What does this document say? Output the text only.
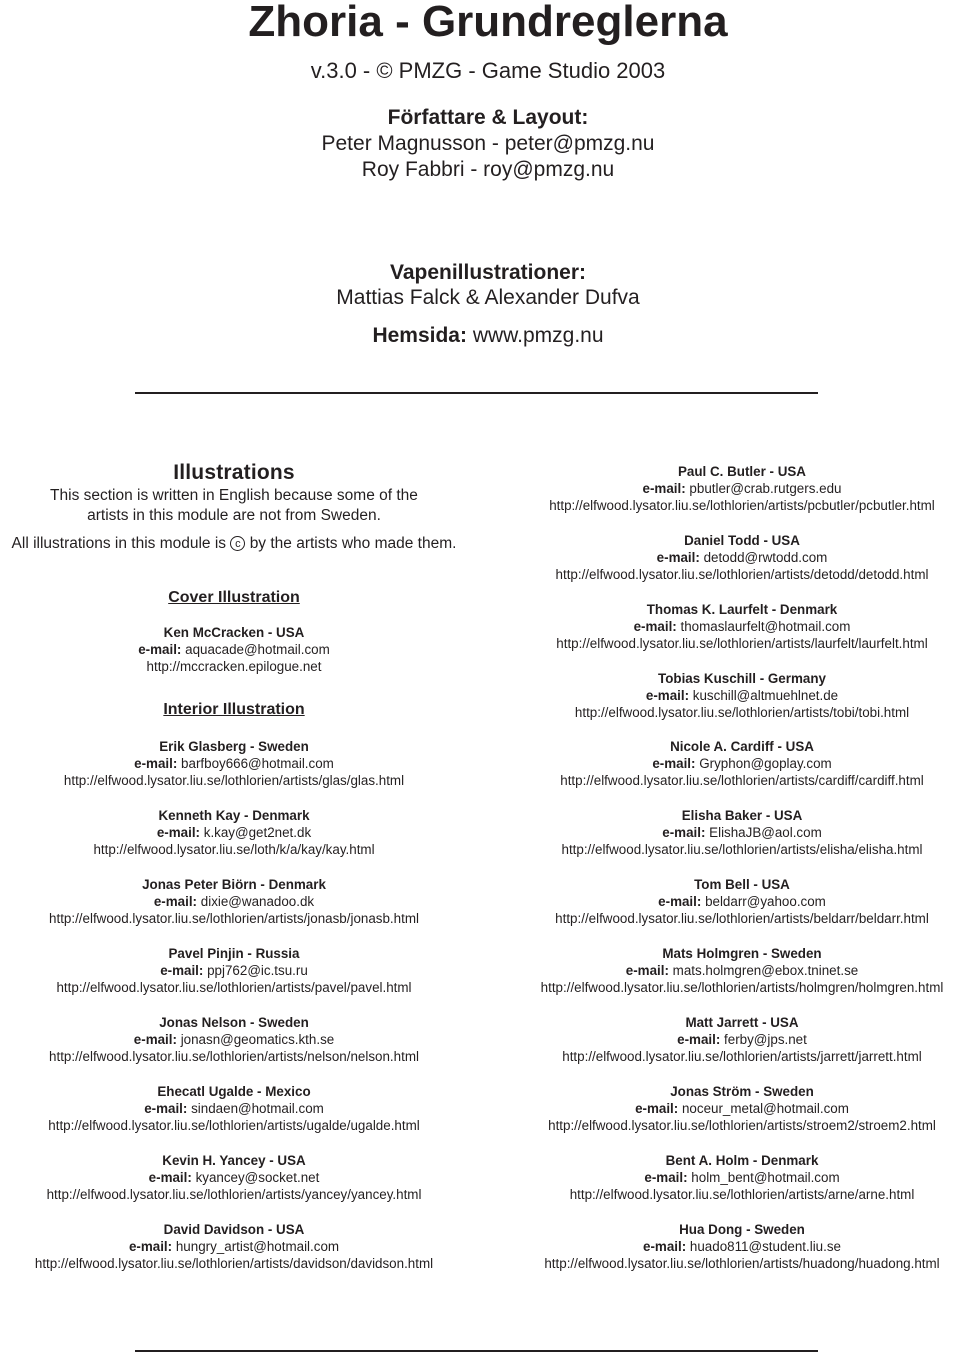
Zhoria - Grundreglerna
v.3.0 - © PMZG - Game Studio 2003
Författare & Layout:
Peter Magnusson - peter@pmzg.nu
Roy Fabbri - roy@pmzg.nu
Vapenillustrationer:
Mattias Falck & Alexander Dufva
Hemsida: www.pmzg.nu
Illustrations
This section is written in English because some of the
artists in this module are not from Sweden.
All illustrations in this module is c by the artists who made them.
Cover Illustration
Ken McCracken - USA
e-mail: aquacade@hotmail.com
http://mccracken.epilogue.net
Interior Illustration
Erik Glasberg - Sweden
e-mail: barfboy666@hotmail.com
http://elfwood.lysator.liu.se/lothlorien/artists/glas/glas.html
Kenneth Kay - Denmark
e-mail: k.kay@get2net.dk
http://elfwood.lysator.liu.se/loth/k/a/kay/kay.html
Jonas Peter Biörn - Denmark
e-mail: dixie@wanadoo.dk
http://elfwood.lysator.liu.se/lothlorien/artists/jonasb/jonasb.html
Pavel Pinjin - Russia
e-mail: ppj762@ic.tsu.ru
http://elfwood.lysator.liu.se/lothlorien/artists/pavel/pavel.html
Jonas Nelson - Sweden
e-mail: jonasn@geomatics.kth.se
http://elfwood.lysator.liu.se/lothlorien/artists/nelson/nelson.html
Ehecatl Ugalde - Mexico
e-mail: sindaen@hotmail.com
http://elfwood.lysator.liu.se/lothlorien/artists/ugalde/ugalde.html
Kevin H. Yancey - USA
e-mail: kyancey@socket.net
http://elfwood.lysator.liu.se/lothlorien/artists/yancey/yancey.html
David Davidson - USA
e-mail: hungry_artist@hotmail.com
http://elfwood.lysator.liu.se/lothlorien/artists/davidson/davidson.html
Paul C. Butler - USA
e-mail: pbutler@crab.rutgers.edu
http://elfwood.lysator.liu.se/lothlorien/artists/pcbutler/pcbutler.html
Daniel Todd - USA
e-mail: detodd@rwtodd.com
http://elfwood.lysator.liu.se/lothlorien/artists/detodd/detodd.html
Thomas K. Laurfelt - Denmark
e-mail: thomaslaurfelt@hotmail.com
http://elfwood.lysator.liu.se/lothlorien/artists/laurfelt/laurfelt.html
Tobias Kuschill - Germany
e-mail: kuschill@altmuehlnet.de
http://elfwood.lysator.liu.se/lothlorien/artists/tobi/tobi.html
Nicole A. Cardiff - USA
e-mail: Gryphon@goplay.com
http://elfwood.lysator.liu.se/lothlorien/artists/cardiff/cardiff.html
Elisha Baker - USA
e-mail: ElishaJB@aol.com
http://elfwood.lysator.liu.se/lothlorien/artists/elisha/elisha.html
Tom Bell - USA
e-mail: beldarr@yahoo.com
http://elfwood.lysator.liu.se/lothlorien/artists/beldarr/beldarr.html
Mats Holmgren - Sweden
e-mail: mats.holmgren@ebox.tninet.se
http://elfwood.lysator.liu.se/lothlorien/artists/holmgren/holmgren.html
Matt Jarrett - USA
e-mail: ferby@jps.net
http://elfwood.lysator.liu.se/lothlorien/artists/jarrett/jarrett.html
Jonas Ström - Sweden
e-mail: noceur_metal@hotmail.com
http://elfwood.lysator.liu.se/lothlorien/artists/stroem2/stroem2.html
Bent A. Holm - Denmark
e-mail: holm_bent@hotmail.com
http://elfwood.lysator.liu.se/lothlorien/artists/arne/arne.html
Hua Dong - Sweden
e-mail: huado811@student.liu.se
http://elfwood.lysator.liu.se/lothlorien/artists/huadong/huadong.html
